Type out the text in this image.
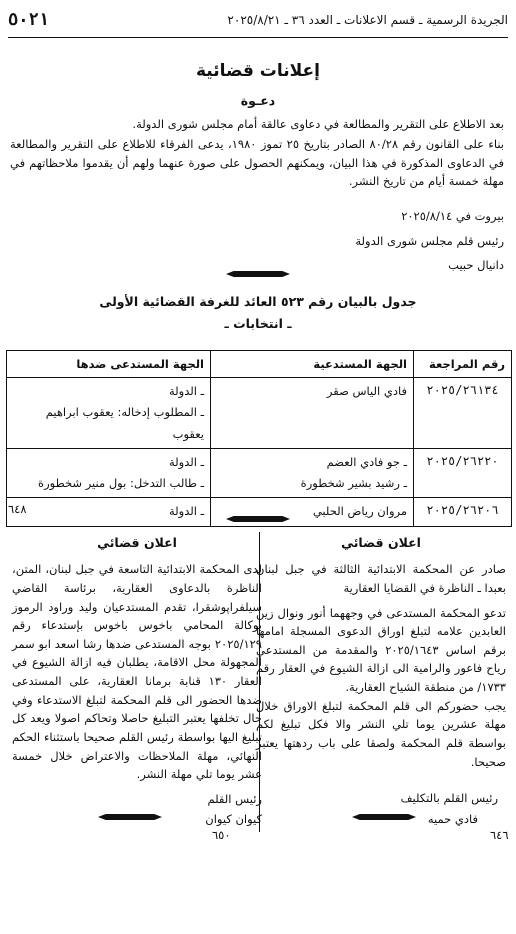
الجريدة الرسمية ـ قسم الاعلانات ـ العدد ٣٦ ـ ٢٠٢٥/٨/٢١
٥٠٢١
إعلانات قضائية
دعـوة

بعد الاطلاع على التقرير والمطالعة في دعاوى عالقة أمام مجلس شورى الدولة.

بناء على القانون رقم ٨٠/٢٨ الصادر بتاريخ ٢٥ تموز ١٩٨٠، يدعى الفرقاء للاطلاع على التقرير والمطالعة في الدعاوى المذكورة في هذا البيان، ويمكنهم الحصول على صورة عنهما ولهم أن يقدموا ملاحظاتهم في مهلة خمسة أيام من تاريخ النشر.

بيروت في ٢٠٢٥/٨/١٤
رئيس قلم مجلس شورى الدولة
دانيال حبيب
جدول بالبيان رقم ٥٢٣ العائد للغرفة القضائية الأولى
ـ انتخابات ـ
رقم المراجعة	الجهة المستدعية	الجهة المستدعى ضدها
٢٠٢٥/٢٦١٣٤	فادي الياس صقر	ـ الدولة
ـ المطلوب إدخاله: يعقوب ابراهيم يعقوب

٢٠٢٥/٢٦٢٢٠	ـ جو فادي العضم
ـ رشيد بشير شخطورة	ـ الدولة
ـ طالب التدخل: بول منير شخطورة

٢٠٢٥/٢٦٢٠٦	مروان رياض الحلبي	ـ الدولة
٦٤٨
اعلان قضائي

صادر عن المحكمة الابتدائية الثالثة في جبل لبنان بعبدا ـ الناظرة في القضايا العقارية

تدعو المحكمة المستدعى في وجههما أنور ونوال زين العابدين علامه لتبلغ اوراق الدعوى المسجلة امامها برقم اساس ٢٠٢٥/١٦٤٣ والمقدمة من المستدعي رياح فاعور والرامية الى ازالة الشيوع في العقار رقم ١٧٣٣/ من منطقة الشياح العقارية.

يجب حضوركم الى قلم المحكمة لتبلغ الاوراق خلال مهلة عشرين يوما تلي النشر والا فكل تبليغ لكم بواسطة قلم المحكمة ولصقا على باب ردهتها يعتبر صحيحا.

رئيس القلم بالتكليف
فادي حميه
اعلان قضائي

لدى المحكمة الابتدائية التاسعة في جبل لبنان، المتن، الناظرة بالدعاوى العقارية، برئاسة القاضي سيلفراپوشقرا، تقدم المستدعيان وليد وراود الرموز بوكالة المحامي باخوس باخوس بإستدعاء رقم ٢٠٢٥/١٢٩ بوجه المستدعى ضدها رشا اسعد ابو سمر المجهولة محل الاقامة، يطلبان فيه ازالة الشيوع في العقار ١٣٠ قنابة برمانا العقارية، على المستدعى ضدها الحضور الى قلم المحكمة لتبلغ الاستدعاء وفي حال تخلفها يعتبر التبليغ حاصلا وتحاكم اصولا ويعد كل تبليغ اليها بواسطة رئيس القلم صحيحا باستثناء الحكم النهائي، مهلة الملاحظات والاعتراض خلال خمسة عشر يوما تلي مهلة النشر.

رئيس القلم
كيوان كيوان
٦٥٠	٦٤٦
